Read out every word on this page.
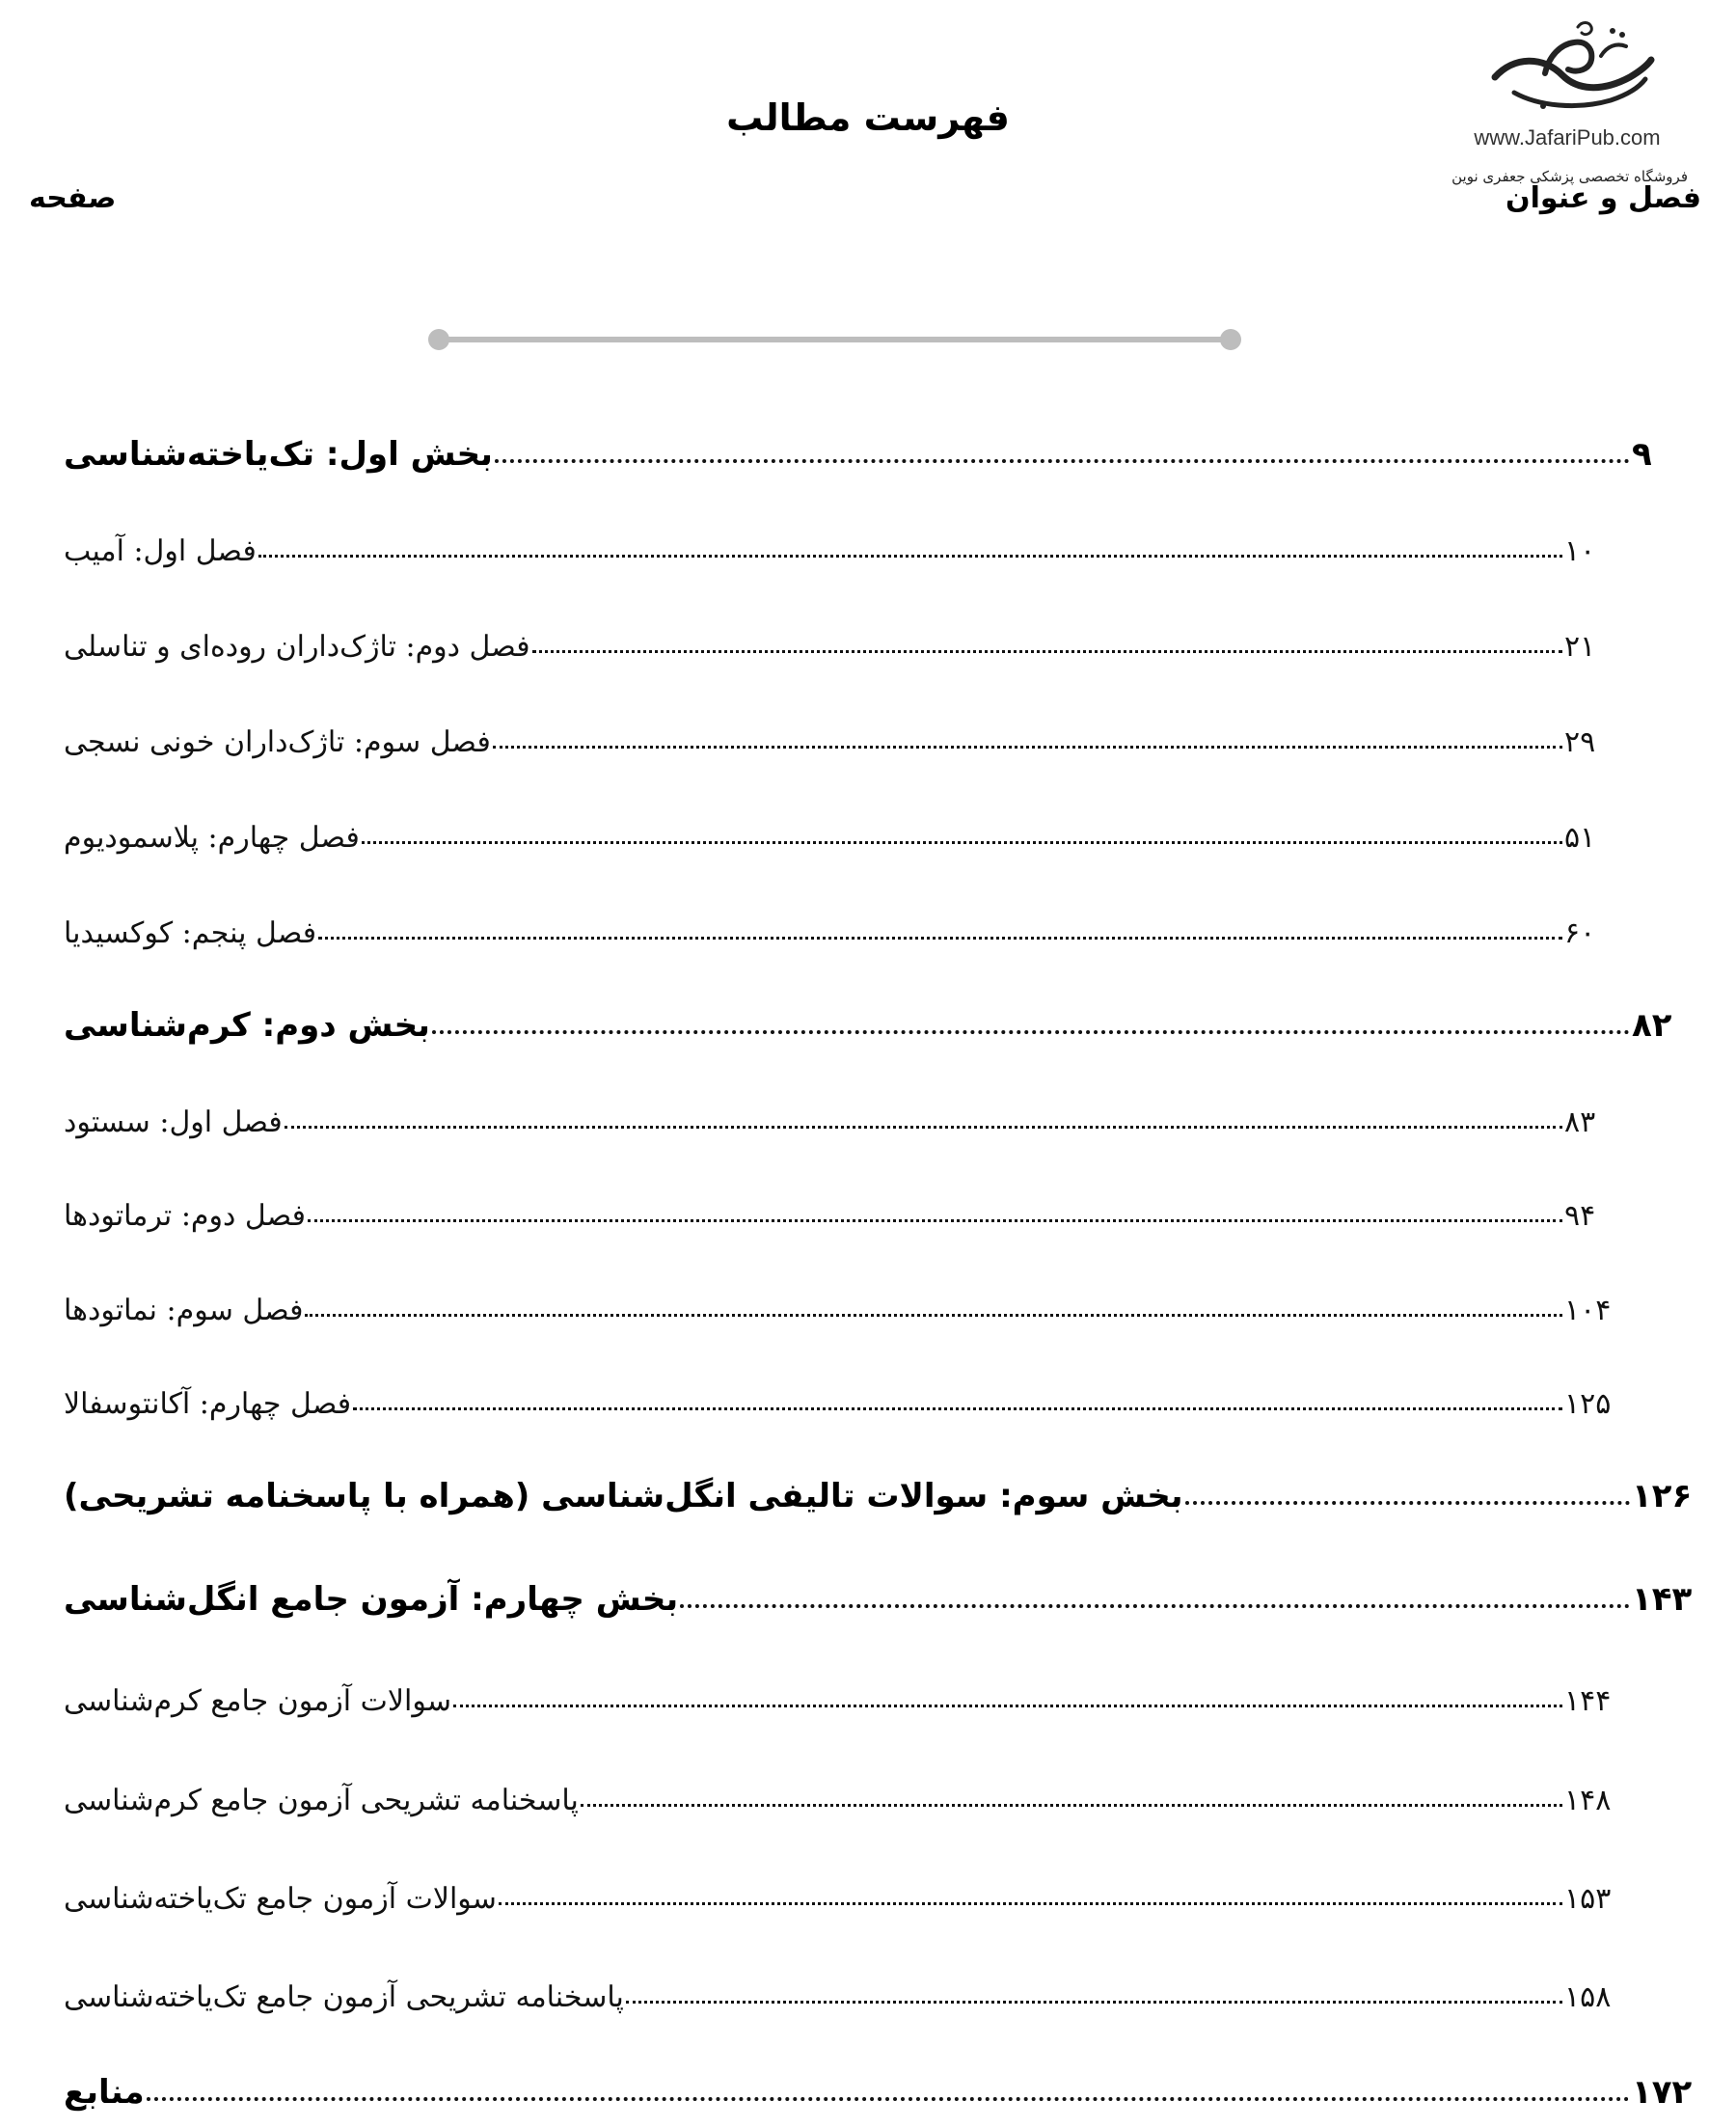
www.JafariPub.com
فروشگاه تخصصی پزشکی جعفری نوین
فهرست مطالب
فصل و عنوان
صفحه
بخش اول: تک‌یاخته‌شناسی	۹
فصل اول: آمیب	۱۰
فصل دوم: تاژک‌داران روده‌ای و تناسلی	۲۱
فصل سوم: تاژک‌داران خونی نسجی	۲۹
فصل چهارم: پلاسمودیوم	۵۱
فصل پنجم: کوکسیدیا	۶۰
بخش دوم: کرم‌شناسی	۸۲
فصل اول: سستود	۸۳
فصل دوم: ترماتودها	۹۴
فصل سوم: نماتودها	۱۰۴
فصل چهارم: آکانتوسفالا	۱۲۵
بخش سوم: سوالات تالیفی انگل‌شناسی (همراه با پاسخنامه تشریحی)	۱۲۶
بخش چهارم: آزمون جامع انگل‌شناسی	۱۴۳
سوالات آزمون جامع کرم‌شناسی	۱۴۴
پاسخنامه تشریحی آزمون جامع کرم‌شناسی	۱۴۸
سوالات آزمون جامع تک‌یاخته‌شناسی	۱۵۳
پاسخنامه تشریحی آزمون جامع تک‌یاخته‌شناسی	۱۵۸
منابع	۱۷۲
